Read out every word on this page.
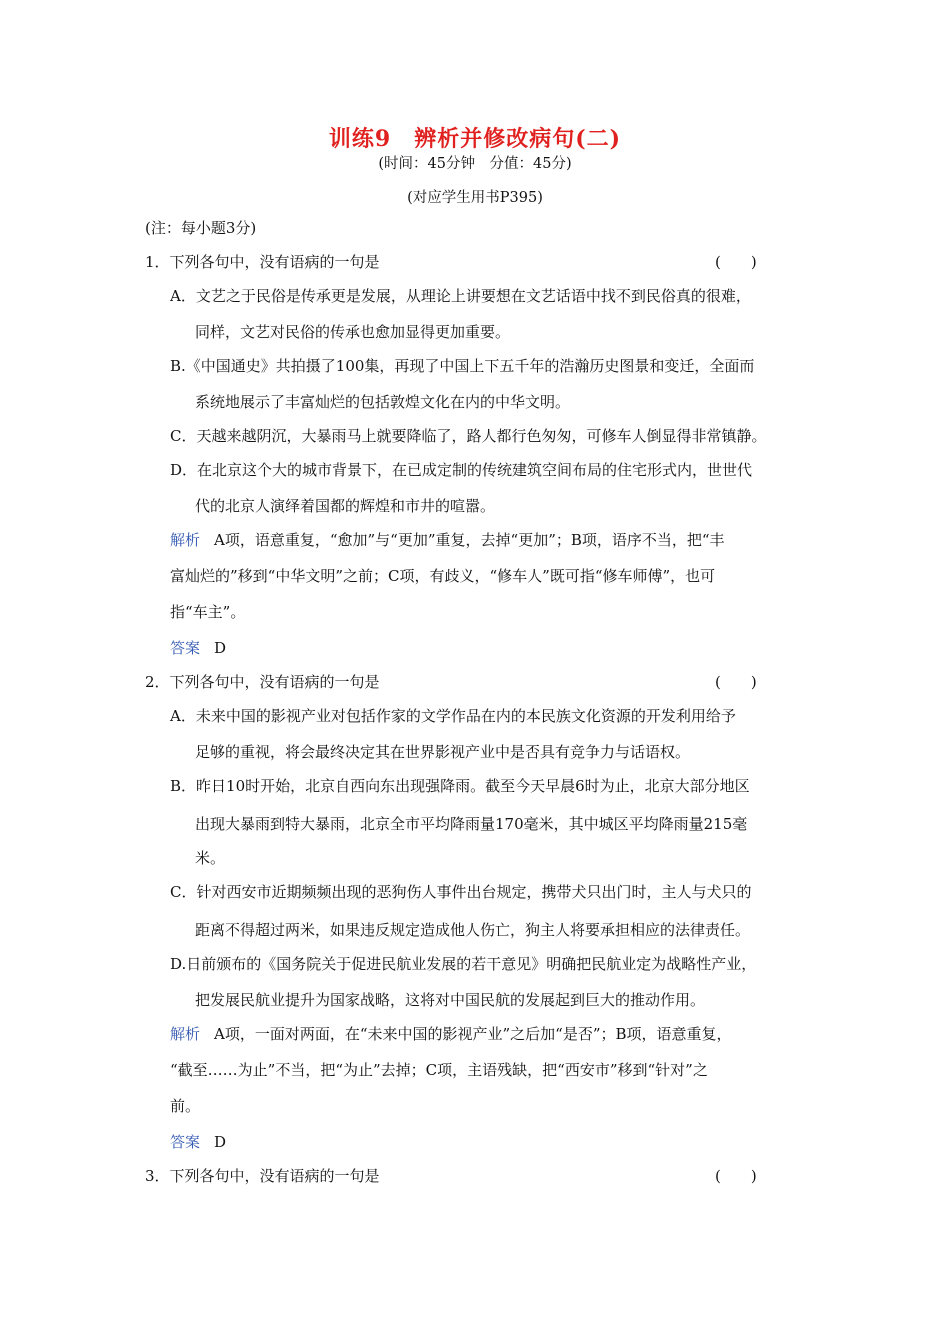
训练9　辨析并修改病句(二)
(时间：45分钟　分值：45分)
(对应学生用书P395)
(注：每小题3分)
1．下列各句中，没有语病的一句是	(　　)
A．文艺之于民俗是传承更是发展，从理论上讲要想在文艺话语中找不到民俗真的很难，
同样，文艺对民俗的传承也愈加显得更加重要。
B.《中国通史》共拍摄了100集，再现了中国上下五千年的浩瀚历史图景和变迁，全面而
系统地展示了丰富灿烂的包括敦煌文化在内的中华文明。
C．天越来越阴沉，大暴雨马上就要降临了，路人都行色匆匆，可修车人倒显得非常镇静。
D．在北京这个大的城市背景下，在已成定制的传统建筑空间布局的住宅形式内，世世代
代的北京人演绎着国都的辉煌和市井的喧嚣。
解析 A项，语意重复，“愈加”与“更加”重复，去掉“更加”；B项，语序不当，把“丰
富灿烂的”移到“中华文明”之前；C项，有歧义，“修车人”既可指“修车师傅”，也可
指“车主”。
答案 D
2．下列各句中，没有语病的一句是	(　　)
A．未来中国的影视产业对包括作家的文学作品在内的本民族文化资源的开发利用给予
足够的重视，将会最终决定其在世界影视产业中是否具有竞争力与话语权。
B．昨日10时开始，北京自西向东出现强降雨。截至今天早晨6时为止，北京大部分地区
出现大暴雨到特大暴雨，北京全市平均降雨量170毫米，其中城区平均降雨量215毫
米。
C．针对西安市近期频频出现的恶狗伤人事件出台规定，携带犬只出门时，主人与犬只的
距离不得超过两米，如果违反规定造成他人伤亡，狗主人将要承担相应的法律责任。
D.日前颁布的《国务院关于促进民航业发展的若干意见》明确把民航业定为战略性产业，
把发展民航业提升为国家战略，这将对中国民航的发展起到巨大的推动作用。
解析 A项，一面对两面，在“未来中国的影视产业”之后加“是否”；B项，语意重复，
“截至……为止”不当，把“为止”去掉；C项，主语残缺，把“西安市”移到“针对”之
前。
答案 D
3．下列各句中，没有语病的一句是	(　　)
